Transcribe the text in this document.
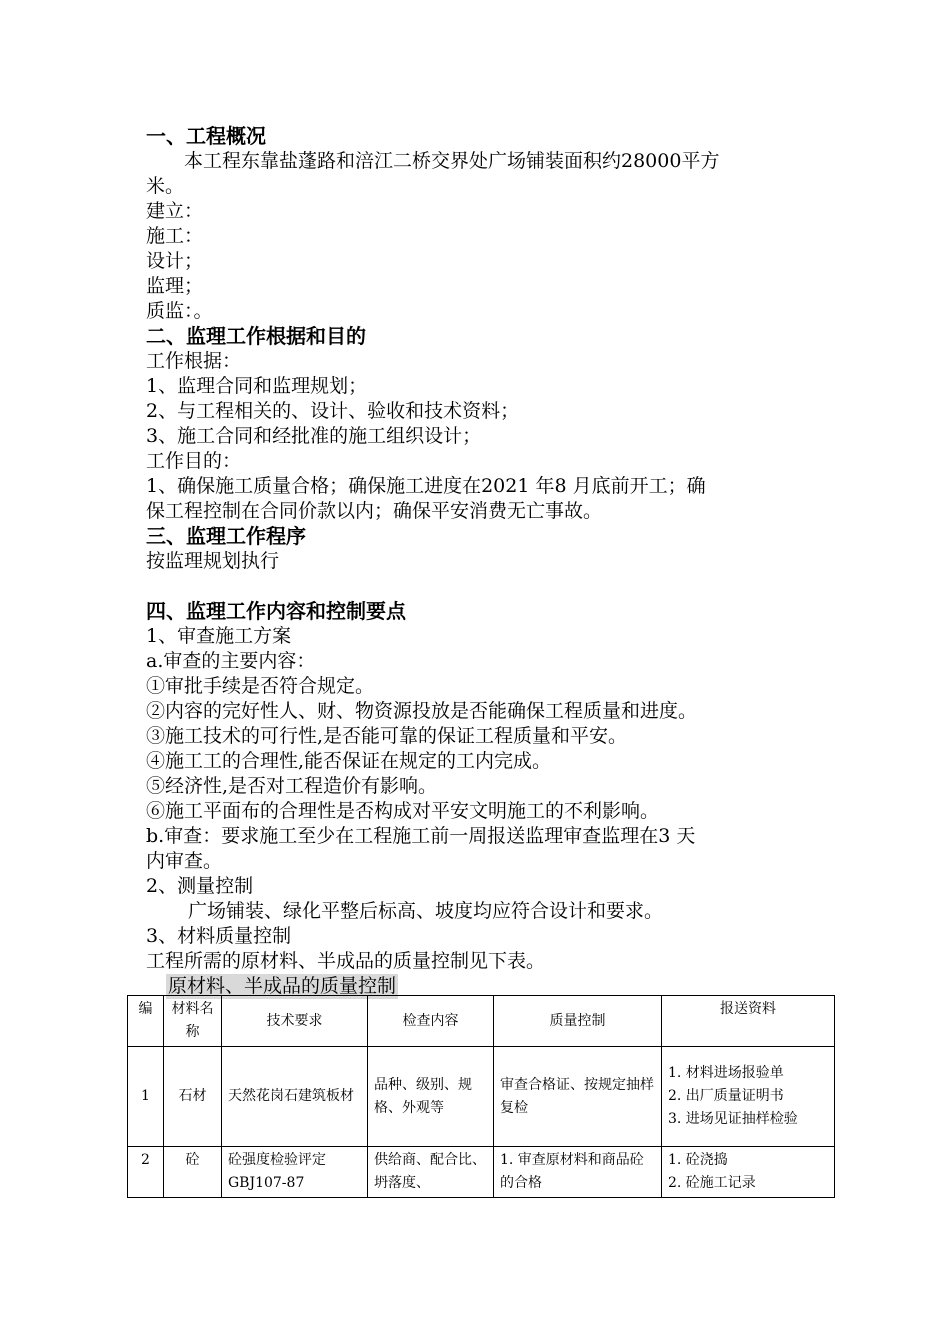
一、工程概况
本工程东靠盐蓬路和涪江二桥交界处广场铺装面积约28000平方
米。
建立：
施工：
设计；
监理；
质监：。
二、监理工作根据和目的
工作根据：
1、监理合同和监理规划；
2、与工程相关的、设计、验收和技术资料；
3、施工合同和经批准的施工组织设计；
工作目的：
1、确保施工质量合格；确保施工进度在2021 年8 月底前开工；确
保工程控制在合同价款以内；确保平安消费无亡事故。
三、监理工作程序
按监理规划执行
四、监理工作内容和控制要点
1、审查施工方案
a.审查的主要内容：
①审批手续是否符合规定。
②内容的完好性人、财、物资源投放是否能确保工程质量和进度。
③施工技术的可行性,是否能可靠的保证工程质量和平安。
④施工工的合理性,能否保证在规定的工内完成。
⑤经济性,是否对工程造价有影响。
⑥施工平面布的合理性是否构成对平安文明施工的不利影响。
b.审查：要求施工至少在工程施工前一周报送监理审查监理在3 天
内审查。
2、测量控制
广场铺装、绿化平整后标高、坡度均应符合设计和要求。
3、材料质量控制
工程所需的原材料、半成品的质量控制见下表。
原材料、半成品的质量控制
编	材料名称	技术要求	检查内容	质量控制	报送资料
1	石材	天然花岗石建筑板材	品种、级别、规格、外观等	审查合格证、按规定抽样复检	1. 材料进场报验单
2. 出厂质量证明书
3. 进场见证抽样检验

2	砼	砼强度检验评定GBJ107-87	供给商、配合比、坍落度、	1. 审查原材料和商品砼的合格	1. 砼浇捣
2. 砼施工记录
